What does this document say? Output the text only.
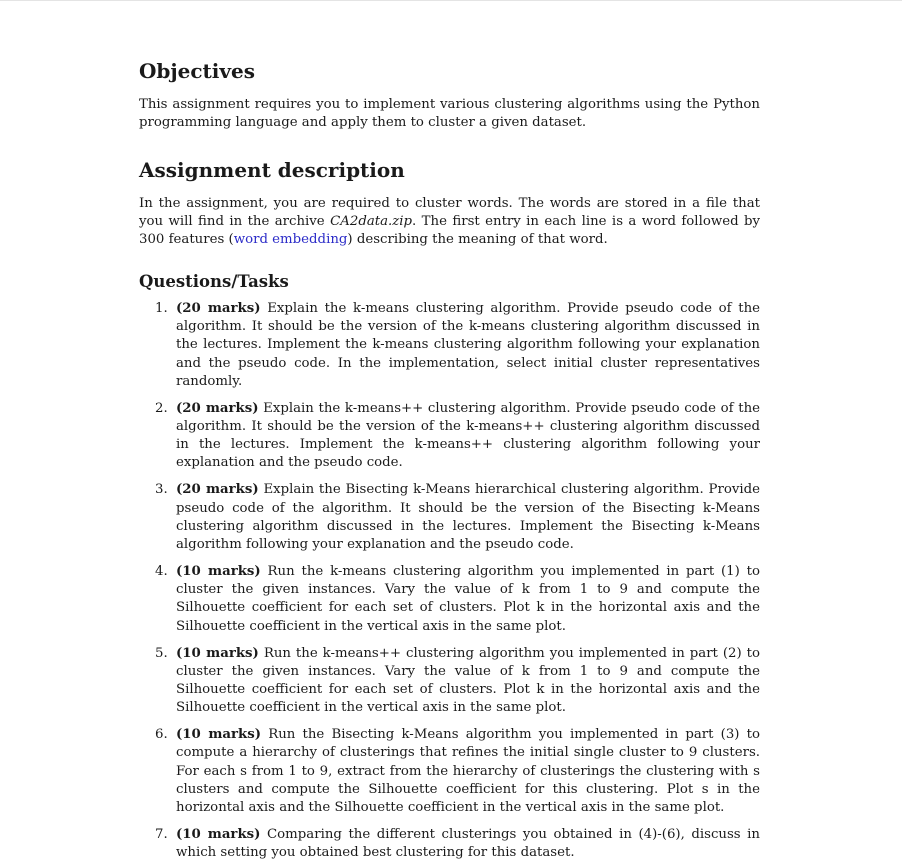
Objectives

This assignment requires you to implement various clustering algorithms using the Python programming language and apply them to cluster a given dataset.

Assignment description

In the assignment, you are required to cluster words. The words are stored in a file that you will find in the archive CA2data.zip. The first entry in each line is a word followed by 300 features (word embedding) describing the meaning of that word.

Questions/Tasks
1. (20 marks) Explain the k-means clustering algorithm. Provide pseudo code of the algorithm. It should be the version of the k-means clustering algorithm discussed in the lectures. Implement the k-means clustering algorithm following your explanation and the pseudo code. In the implementation, select initial cluster representatives randomly.
2. (20 marks) Explain the k-means++ clustering algorithm. Provide pseudo code of the algorithm. It should be the version of the k-means++ clustering algorithm discussed in the lectures. Implement the k-means++ clustering algorithm following your explanation and the pseudo code.
3. (20 marks) Explain the Bisecting k-Means hierarchical clustering algorithm. Provide pseudo code of the algorithm. It should be the version of the Bisecting k-Means clustering algorithm discussed in the lectures. Implement the Bisecting k-Means algorithm following your explanation and the pseudo code.
4. (10 marks) Run the k-means clustering algorithm you implemented in part (1) to cluster the given instances. Vary the value of k from 1 to 9 and compute the Silhouette coefficient for each set of clusters. Plot k in the horizontal axis and the Silhouette coefficient in the vertical axis in the same plot.
5. (10 marks) Run the k-means++ clustering algorithm you implemented in part (2) to cluster the given instances. Vary the value of k from 1 to 9 and compute the Silhouette coefficient for each set of clusters. Plot k in the horizontal axis and the Silhouette coefficient in the vertical axis in the same plot.
6. (10 marks) Run the Bisecting k-Means algorithm you implemented in part (3) to compute a hierarchy of clusterings that refines the initial single cluster to 9 clusters. For each s from 1 to 9, extract from the hierarchy of clusterings the clustering with s clusters and compute the Silhouette coefficient for this clustering. Plot s in the horizontal axis and the Silhouette coefficient in the vertical axis in the same plot.
7. (10 marks) Comparing the different clusterings you obtained in (4)-(6), discuss in which setting you obtained best clustering for this dataset.
